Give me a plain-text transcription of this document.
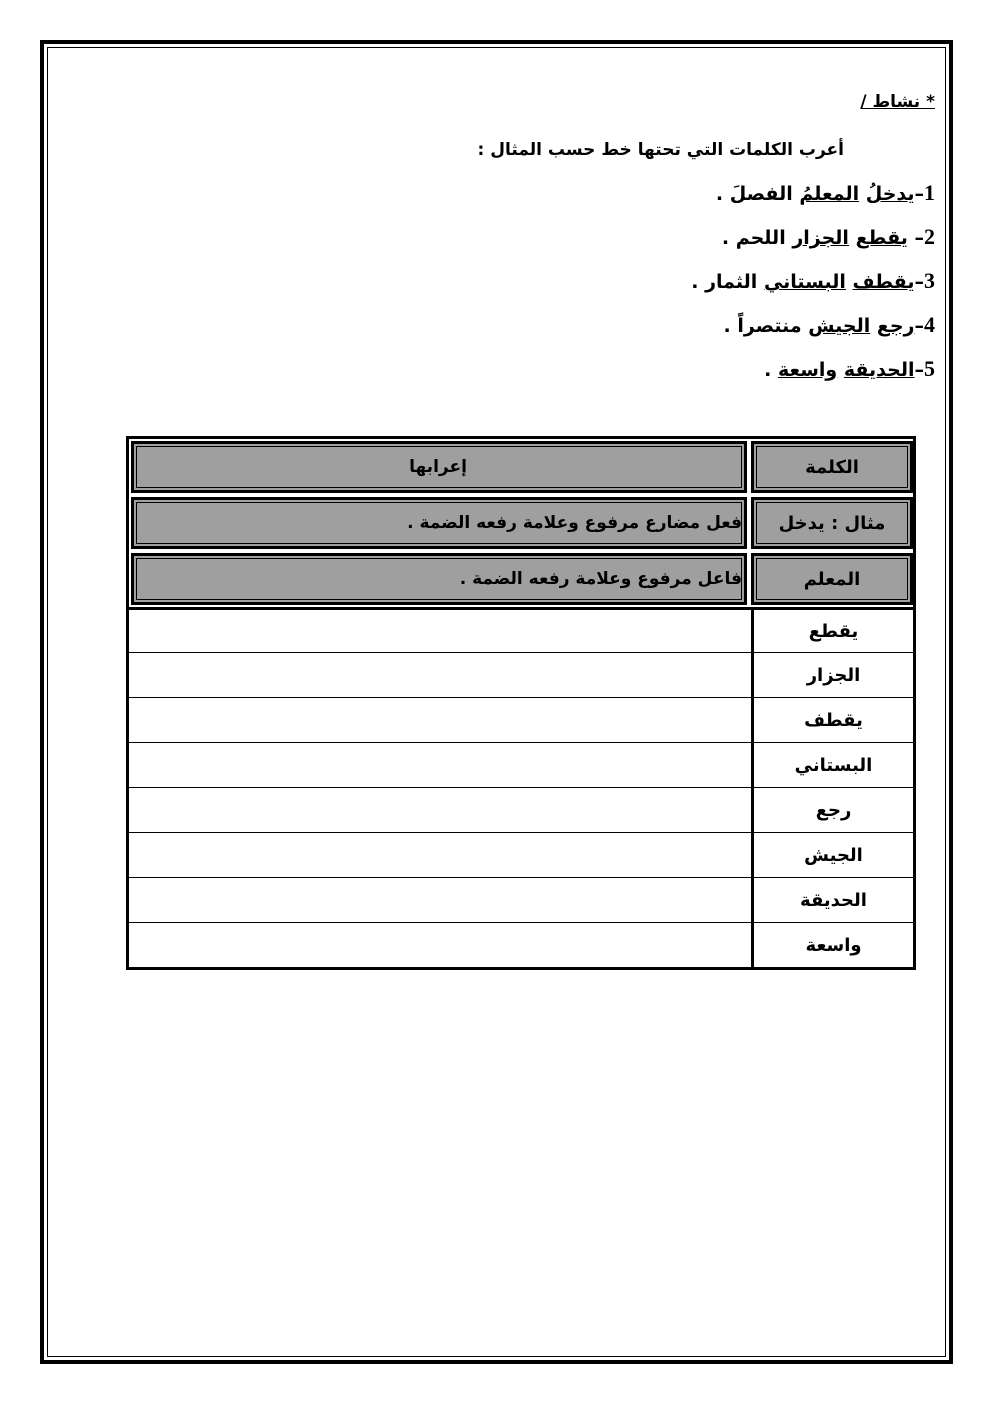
* نشاط /
أعرب الكلمات التي تحتها خط حسب المثال :
1–يدخلُ المعلمُ الفصلَ .
2– يقطع الجزار اللحم .
3–يقطف البستاني الثمار .
4–رجع الجيش منتصراً .
5–الحديقة واسعة .
الكلمة
إعرابها
مثال : يدخل
فعل مضارع مرفوع وعلامة رفعه الضمة .
المعلم
فاعل مرفوع وعلامة رفعه الضمة .
يقطع
الجزار
يقطف
البستاني
رجع
الجيش
الحديقة
واسعة
